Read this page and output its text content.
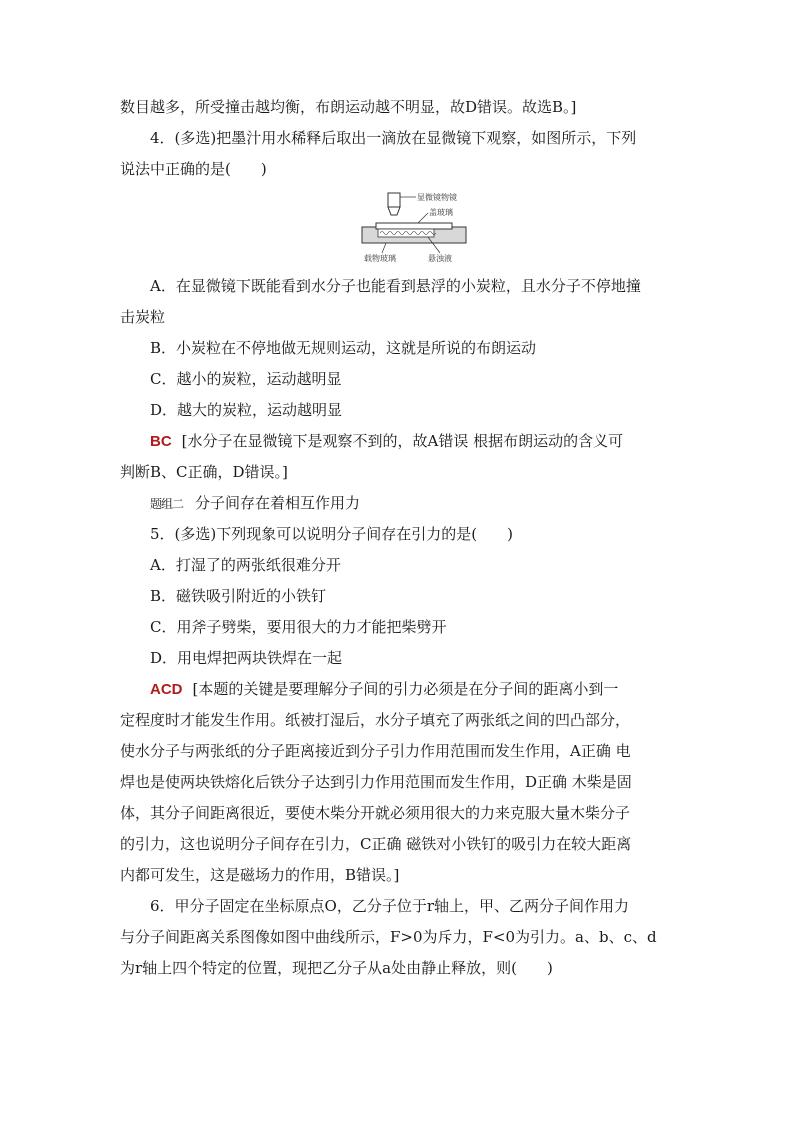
数目越多，所受撞击越均衡，布朗运动越不明显，故D错误。故选B。]
4．(多选)把墨汁用水稀释后取出一滴放在显微镜下观察，如图所示，下列
说法中正确的是(　　)
显微镜物镜
盖玻璃
载物玻璃	悬浊液
A．在显微镜下既能看到水分子也能看到悬浮的小炭粒，且水分子不停地撞
击炭粒
B．小炭粒在不停地做无规则运动，这就是所说的布朗运动
C．越小的炭粒，运动越明显
D．越大的炭粒，运动越明显
BC [水分子在显微镜下是观察不到的，故A错误 根据布朗运动的含义可
判断B、C正确，D错误。]
题组二 分子间存在着相互作用力
5．(多选)下列现象可以说明分子间存在引力的是(　　)
A．打湿了的两张纸很难分开
B．磁铁吸引附近的小铁钉
C．用斧子劈柴，要用很大的力才能把柴劈开
D．用电焊把两块铁焊在一起
ACD [本题的关键是要理解分子间的引力必须是在分子间的距离小到一
定程度时才能发生作用。纸被打湿后，水分子填充了两张纸之间的凹凸部分，
使水分子与两张纸的分子距离接近到分子引力作用范围而发生作用，A正确 电
焊也是使两块铁熔化后铁分子达到引力作用范围而发生作用，D正确 木柴是固
体，其分子间距离很近，要使木柴分开就必须用很大的力来克服大量木柴分子
的引力，这也说明分子间存在引力，C正确 磁铁对小铁钉的吸引力在较大距离
内都可发生，这是磁场力的作用，B错误。]
6．甲分子固定在坐标原点O，乙分子位于r轴上，甲、乙两分子间作用力
与分子间距离关系图像如图中曲线所示，F>0为斥力，F<0为引力。a、b、c、d
为r轴上四个特定的位置，现把乙分子从a处由静止释放，则(　　)
